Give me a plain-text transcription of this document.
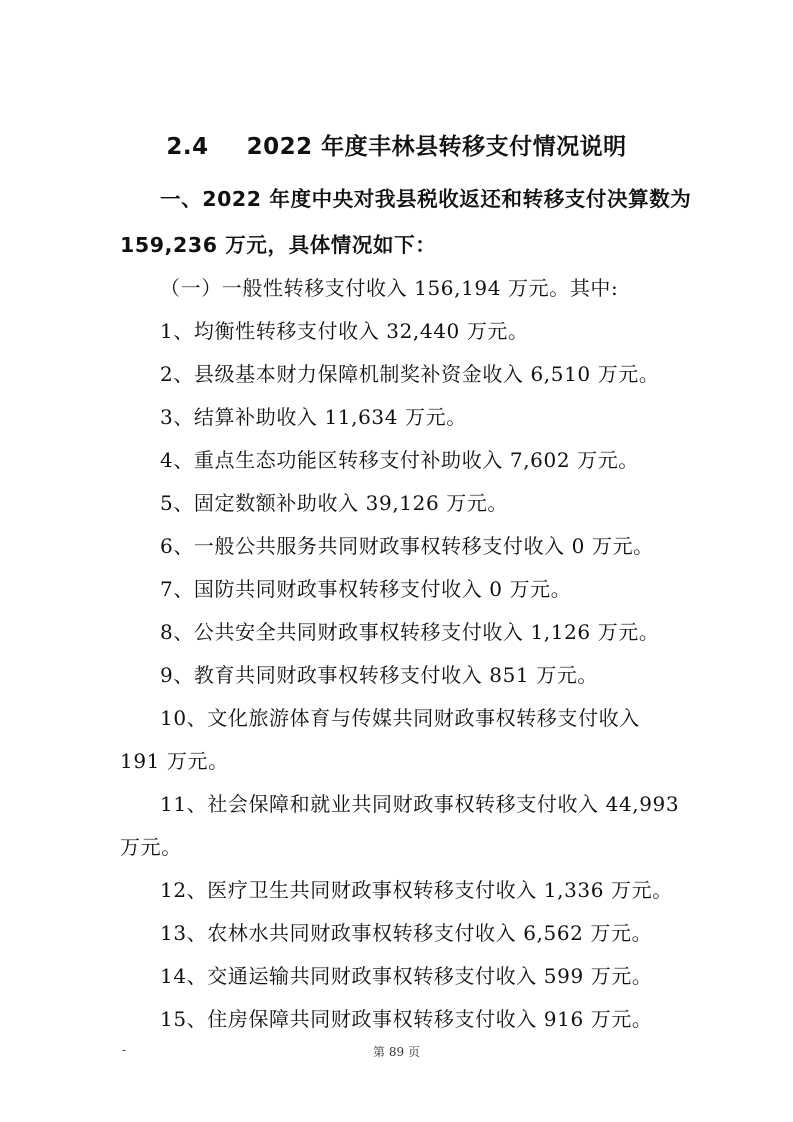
2.4 2022 年度丰林县转移支付情况说明
一、2022 年度中央对我县税收返还和转移支付决算数为
159,236 万元，具体情况如下：
（一）一般性转移支付收入 156,194 万元。其中:
1、均衡性转移支付收入 32,440 万元。
2、县级基本财力保障机制奖补资金收入 6,510 万元。
3、结算补助收入 11,634 万元。
4、重点生态功能区转移支付补助收入 7,602 万元。
5、固定数额补助收入 39,126 万元。
6、一般公共服务共同财政事权转移支付收入 0 万元。
7、国防共同财政事权转移支付收入 0 万元。
8、公共安全共同财政事权转移支付收入 1,126 万元。
9、教育共同财政事权转移支付收入 851 万元。
10、文化旅游体育与传媒共同财政事权转移支付收入
191 万元。
11、社会保障和就业共同财政事权转移支付收入 44,993
万元。
12、医疗卫生共同财政事权转移支付收入 1,336 万元。
13、农林水共同财政事权转移支付收入 6,562 万元。
14、交通运输共同财政事权转移支付收入 599 万元。
15、住房保障共同财政事权转移支付收入 916 万元。
-	第 89 页
